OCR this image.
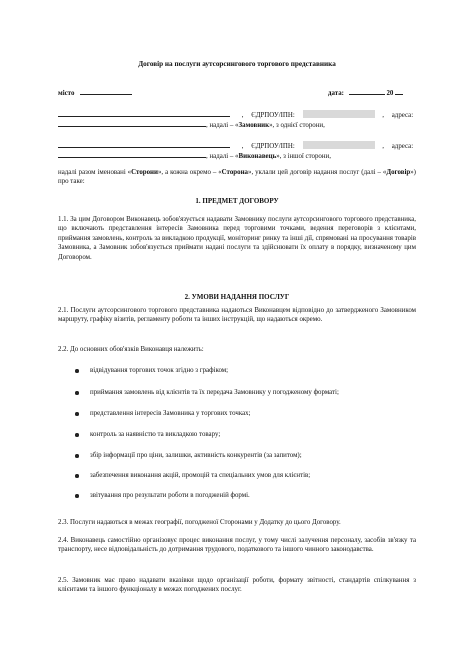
Договір на послуги аутсорсингового торгового представника
місто	дата:	20
, ЄДРПОУ/ІПН:	, адреса:
, надалі – «Замовник», з однієї сторони,
, ЄДРПОУ/ІПН:	, адреса:
, надалі – «Виконавець», з іншої сторони,
надалі разом іменовані «Сторони», а кожна окремо – «Сторона», уклали цей договір надання послуг (далі – «Договір») про таке:
1. ПРЕДМЕТ ДОГОВОРУ
1.1. За цим Договором Виконавець зобов'язується надавати Замовнику послуги аутсорсингового торгового представника, що включають представлення інтересів Замовника перед торговими точками, ведення переговорів з клієнтами, приймання замовлень, контроль за викладкою продукції, моніторинг ринку та інші дії, спрямовані на просування товарів Замовника, а Замовник зобов'язується приймати надані послуги та здійснювати їх оплату в порядку, визначеному цим Договором.
2. УМОВИ НАДАННЯ ПОСЛУГ
2.1. Послуги аутсорсингового торгового представника надаються Виконавцем відповідно до затвердженого Замовником маршруту, графіку візитів, регламенту роботи та інших інструкцій, що надаються окремо.
2.2. До основних обов'язків Виконавця належить:
відвідування торгових точок згідно з графіком;
приймання замовлень від клієнтів та їх передача Замовнику у погодженому форматі;
представлення інтересів Замовника у торгових точках;
контроль за наявністю та викладкою товару;
збір інформації про ціни, залишки, активність конкурентів (за запитом);
забезпечення виконання акцій, промоцій та спеціальних умов для клієнтів;
звітування про результати роботи в погодженій формі.
2.3. Послуги надаються в межах географії, погодженої Сторонами у Додатку до цього Договору.
2.4. Виконавець самостійно організовує процес виконання послуг, у тому числі залучення персоналу, засобів зв'язку та транспорту, несе відповідальність до дотримання трудового, податкового та іншого чинного законодавства.
2.5. Замовник має право надавати вказівки щодо організації роботи, формату звітності, стандартів спілкування з клієнтами та іншого функціоналу в межах погоджених послуг.
